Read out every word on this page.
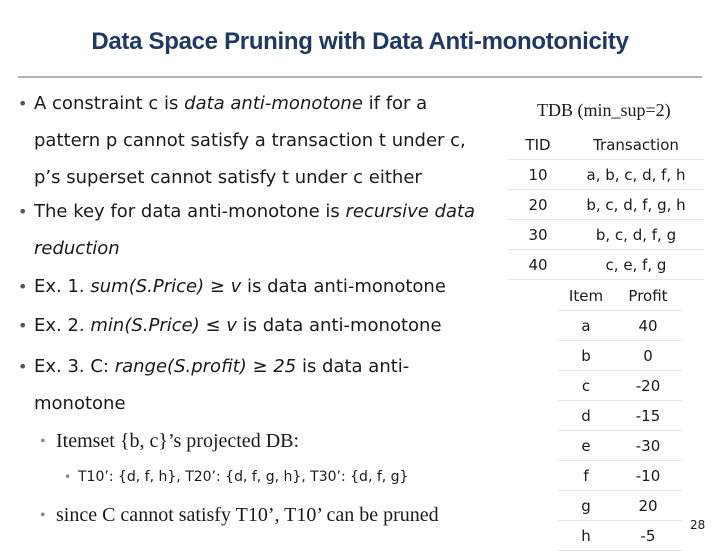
Data Space Pruning with Data Anti-monotonicity
• A constraint c is data anti-monotone if for a
pattern p cannot satisfy a transaction t under c,
p’s superset cannot satisfy t under c either
• The key for data anti-monotone is recursive data
reduction
• Ex. 1. sum(S.Price) ≥ v is data anti-monotone
• Ex. 2. min(S.Price) ≤ v is data anti-monotone
• Ex. 3. C: range(S.profit) ≥ 25 is data anti-
monotone
• Itemset {b, c}’s projected DB:
• T10’: {d, f, h}, T20’: {d, f, g, h}, T30’: {d, f, g}
• since C cannot satisfy T10’, T10’ can be pruned
TDB (min_sup=2)
TID	Transaction
10	a, b, c, d, f, h
20	b, c, d, f, g, h
30	b, c, d, f, g
40	c, e, f, g
Item	Profit
a	40
b	0
c	-20
d	-15
e	-30
f	-10
g	20
h	-5
28
